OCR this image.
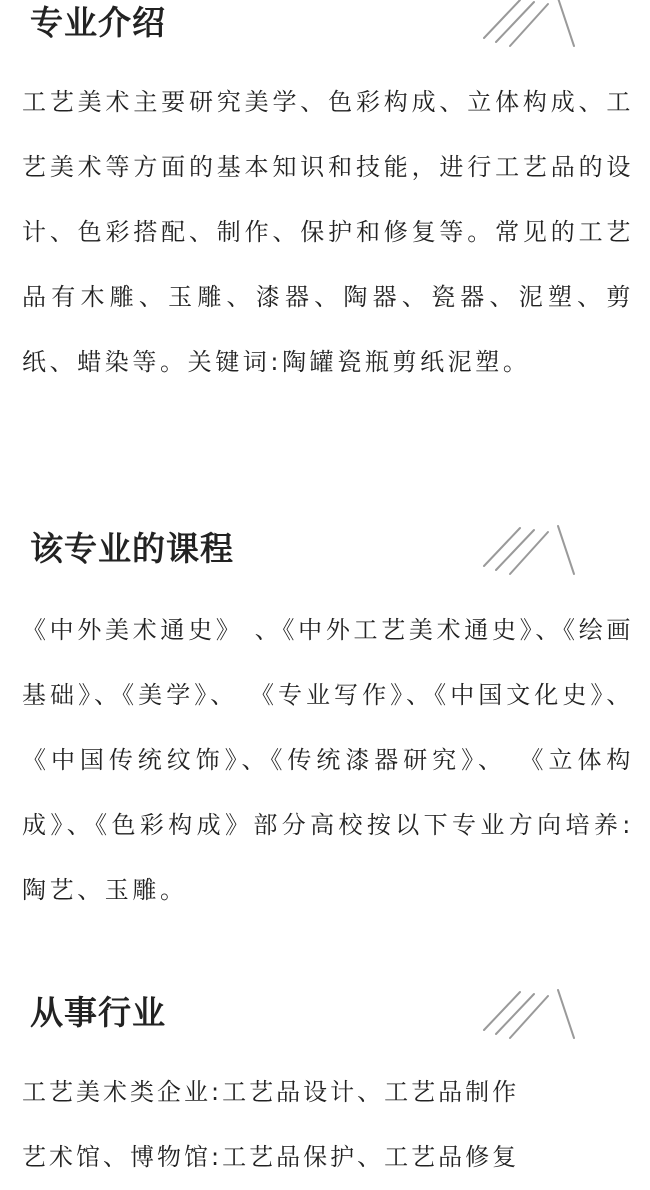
专业介绍

工艺美术主要研究美学、色彩构成、立体构成、工艺美术等方面的基本知识和技能，进行工艺品的设计、色彩搭配、制作、保护和修复等。常见的工艺品有木雕、玉雕、漆器、陶器、瓷器、泥塑、剪纸、蜡染等。关键词:陶罐瓷瓶剪纸泥塑。

该专业的课程

《中外美术通史》 、《中外工艺美术通史》、《绘画基础》、《美学》、 《专业写作》、《中国文化史》、《中国传统纹饰》、《传统漆器研究》、 《立体构成》、《色彩构成》部分高校按以下专业方向培养:陶艺、玉雕。

从事行业
工艺美术类企业:工艺品设计、工艺品制作
艺术馆、博物馆:工艺品保护、工艺品修复
